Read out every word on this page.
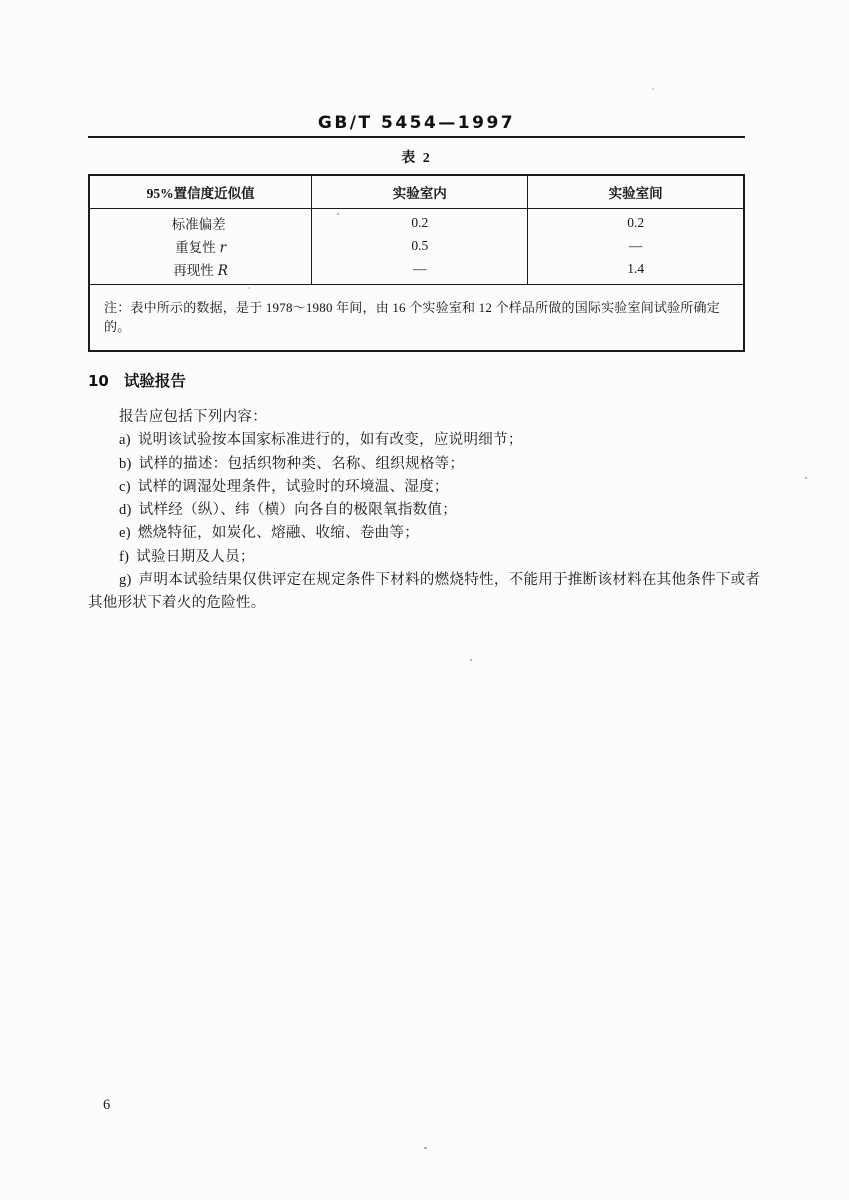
GB/T 5454—1997
表 2
95%置信度近似值	实验室内	实验室间
标准偏差	0.2	0.2
重复性 r	0.5	—
再现性 R	—	1.4
注：表中所示的数据，是于 1978～1980 年间，由 16 个实验室和 12 个样品所做的国际实验室间试验所确定的。		
10 试验报告

报告应包括下列内容：

a) 说明该试验按本国家标准进行的，如有改变，应说明细节；

b) 试样的描述：包括织物种类、名称、组织规格等；

c) 试样的调湿处理条件，试验时的环境温、湿度；

d) 试样经（纵）、纬（横）向各自的极限氧指数值；

e) 燃烧特征，如炭化、熔融、收缩、卷曲等；

f) 试验日期及人员；

g) 声明本试验结果仅供评定在规定条件下材料的燃烧特性，不能用于推断该材料在其他条件下或者其他形状下着火的危险性。

6
